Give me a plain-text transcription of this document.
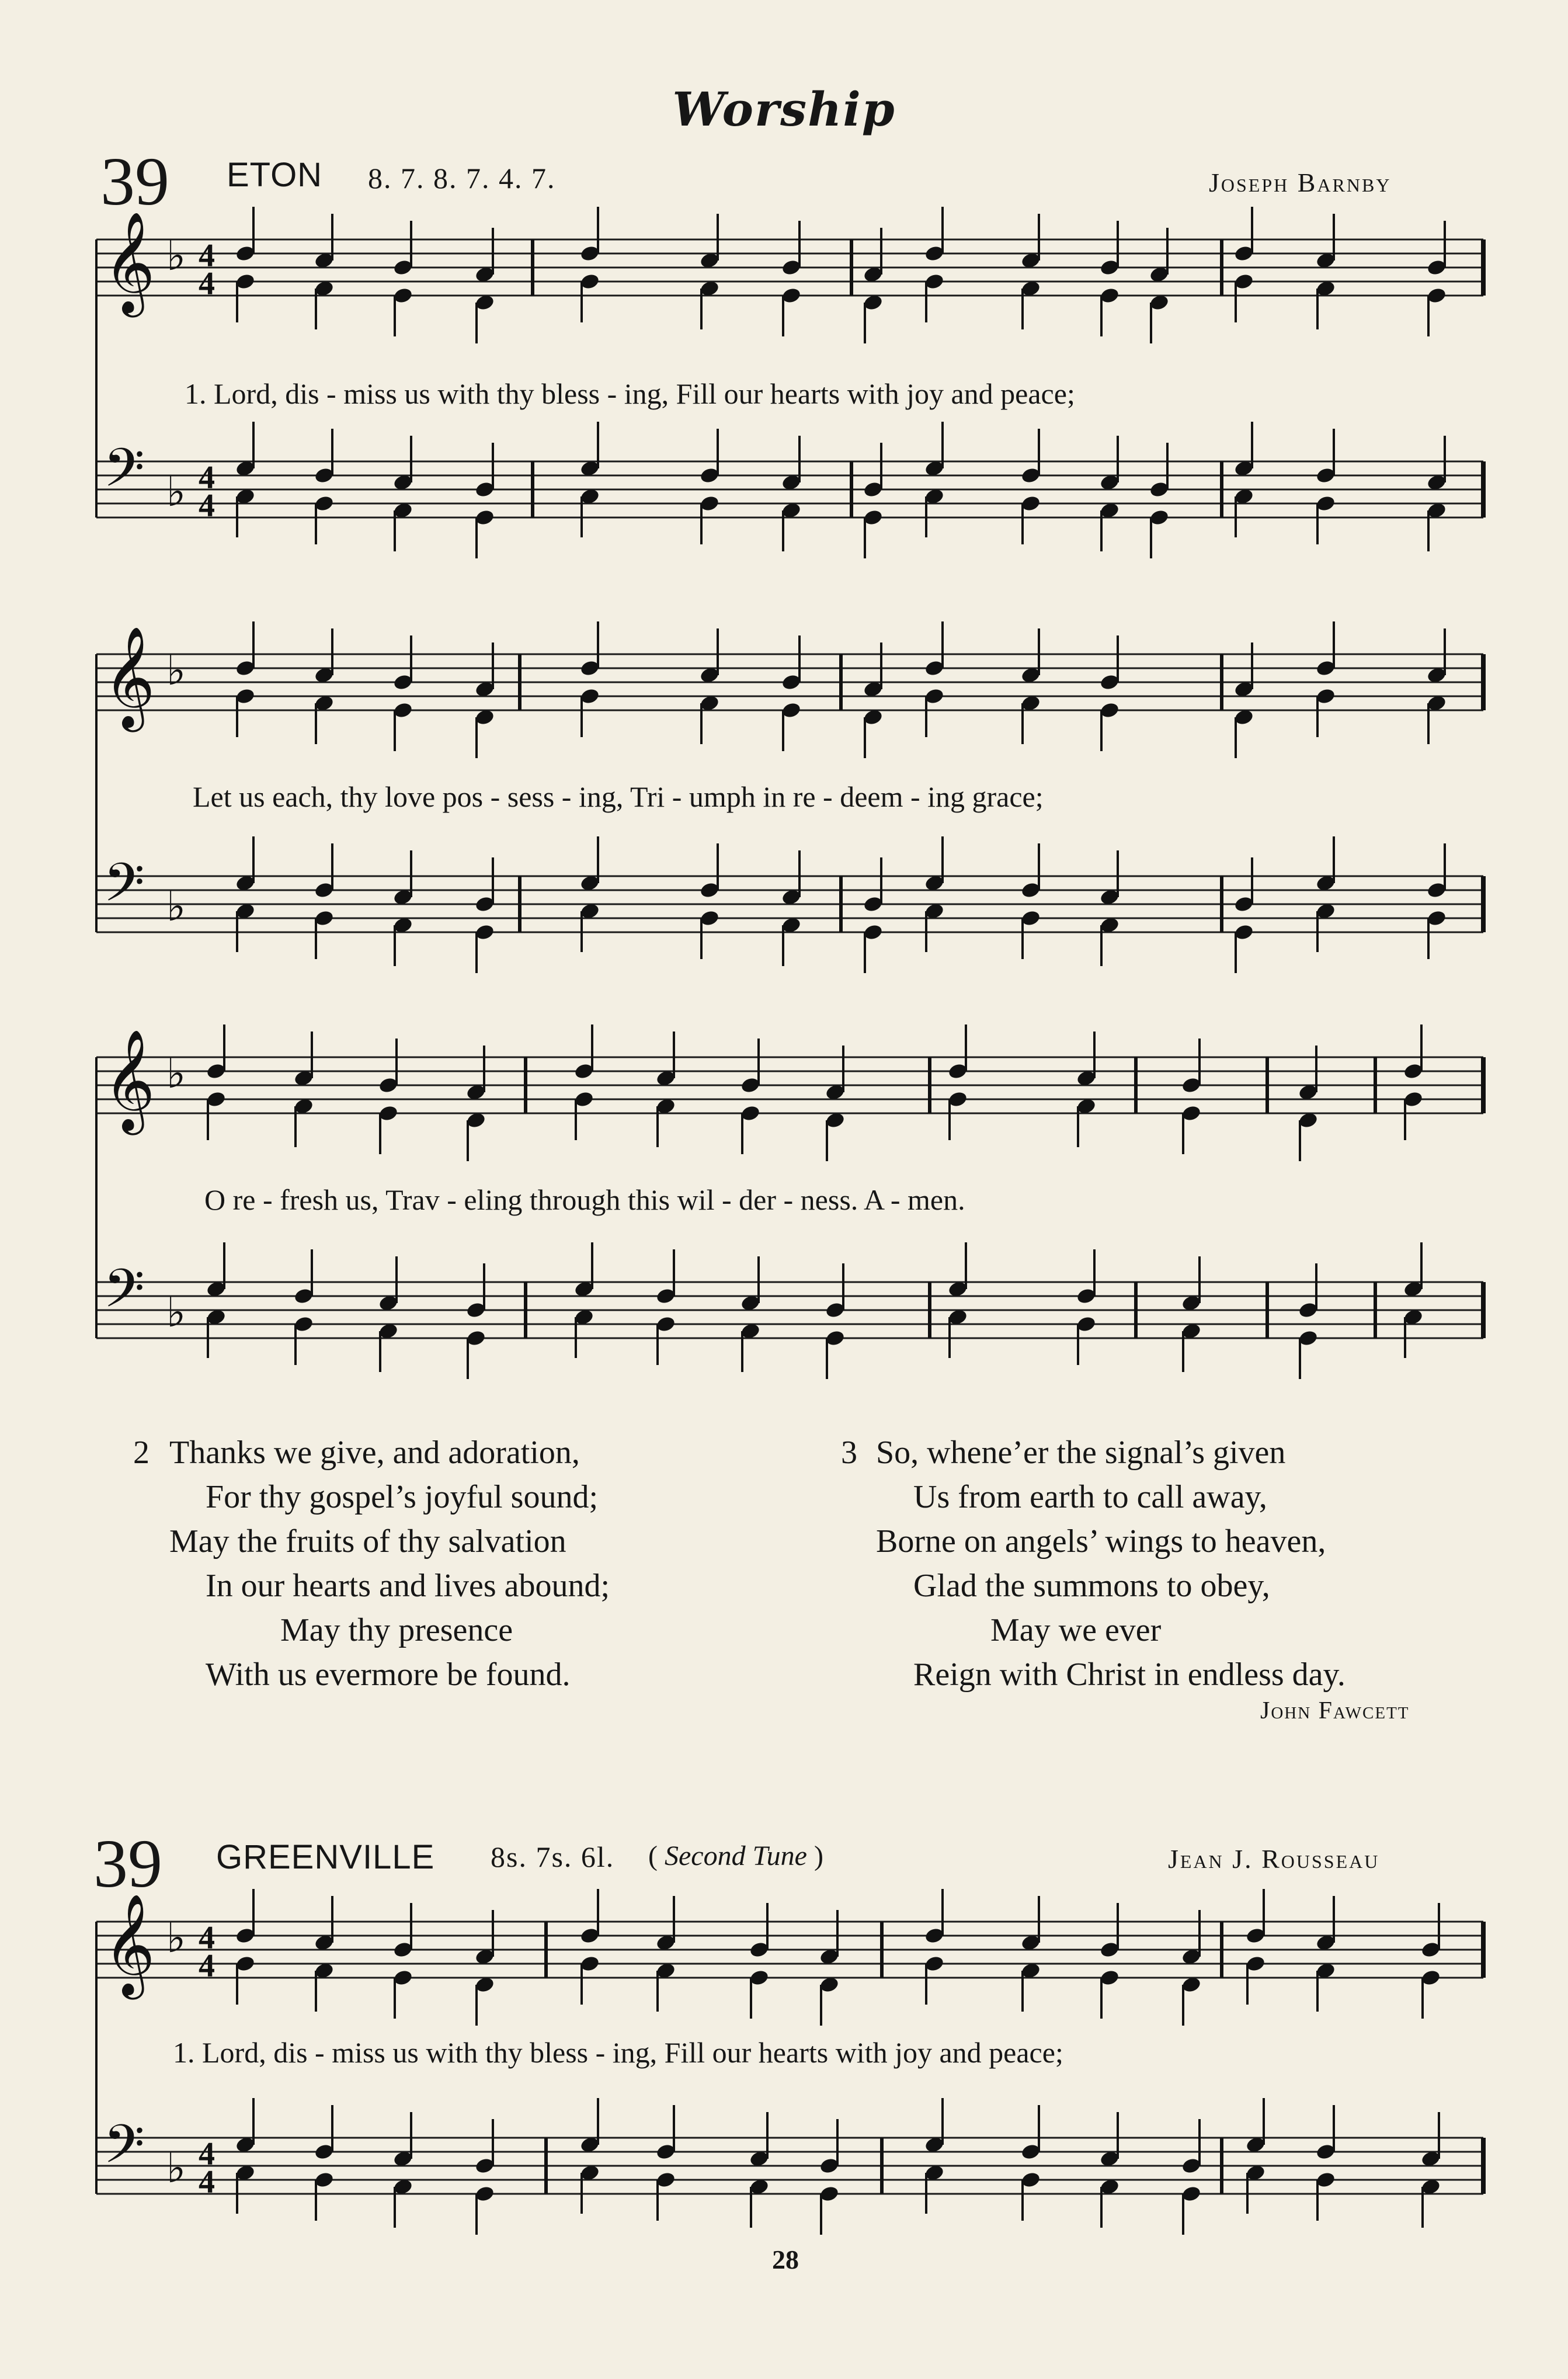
Worship
39 ETON 8. 7. 8. 7. 4. 7.	Joseph Barnby
𝄞 ♭
𝄢 ♭
4
4
4
4
𝄞 ♭
𝄢 ♭
𝄞 ♭
𝄢 ♭
𝄞 ♭
𝄢 ♭
4
4
4
4
1. Lord, dis - miss us with thy bless - ing, Fill our hearts with joy and peace;
Let us each, thy love pos - sess - ing, Tri - umph in re - deem - ing grace;
O re - fresh us, Trav - eling through this wil - der - ness. A - men.
2 Thanks we give, and adoration,
For thy gospel’s joyful sound;
May the fruits of thy salvation
In our hearts and lives abound;
May thy presence
With us evermore be found.
3 So, whene’er the signal’s given
Us from earth to call away,
Borne on angels’ wings to heaven,
Glad the summons to obey,
May we ever
Reign with Christ in endless day.
John Fawcett
39 GREENVILLE 8s. 7s. 6l. ( Second Tune )	Jean J. Rousseau
1. Lord, dis - miss us with thy bless - ing, Fill our hearts with joy and peace;
28
